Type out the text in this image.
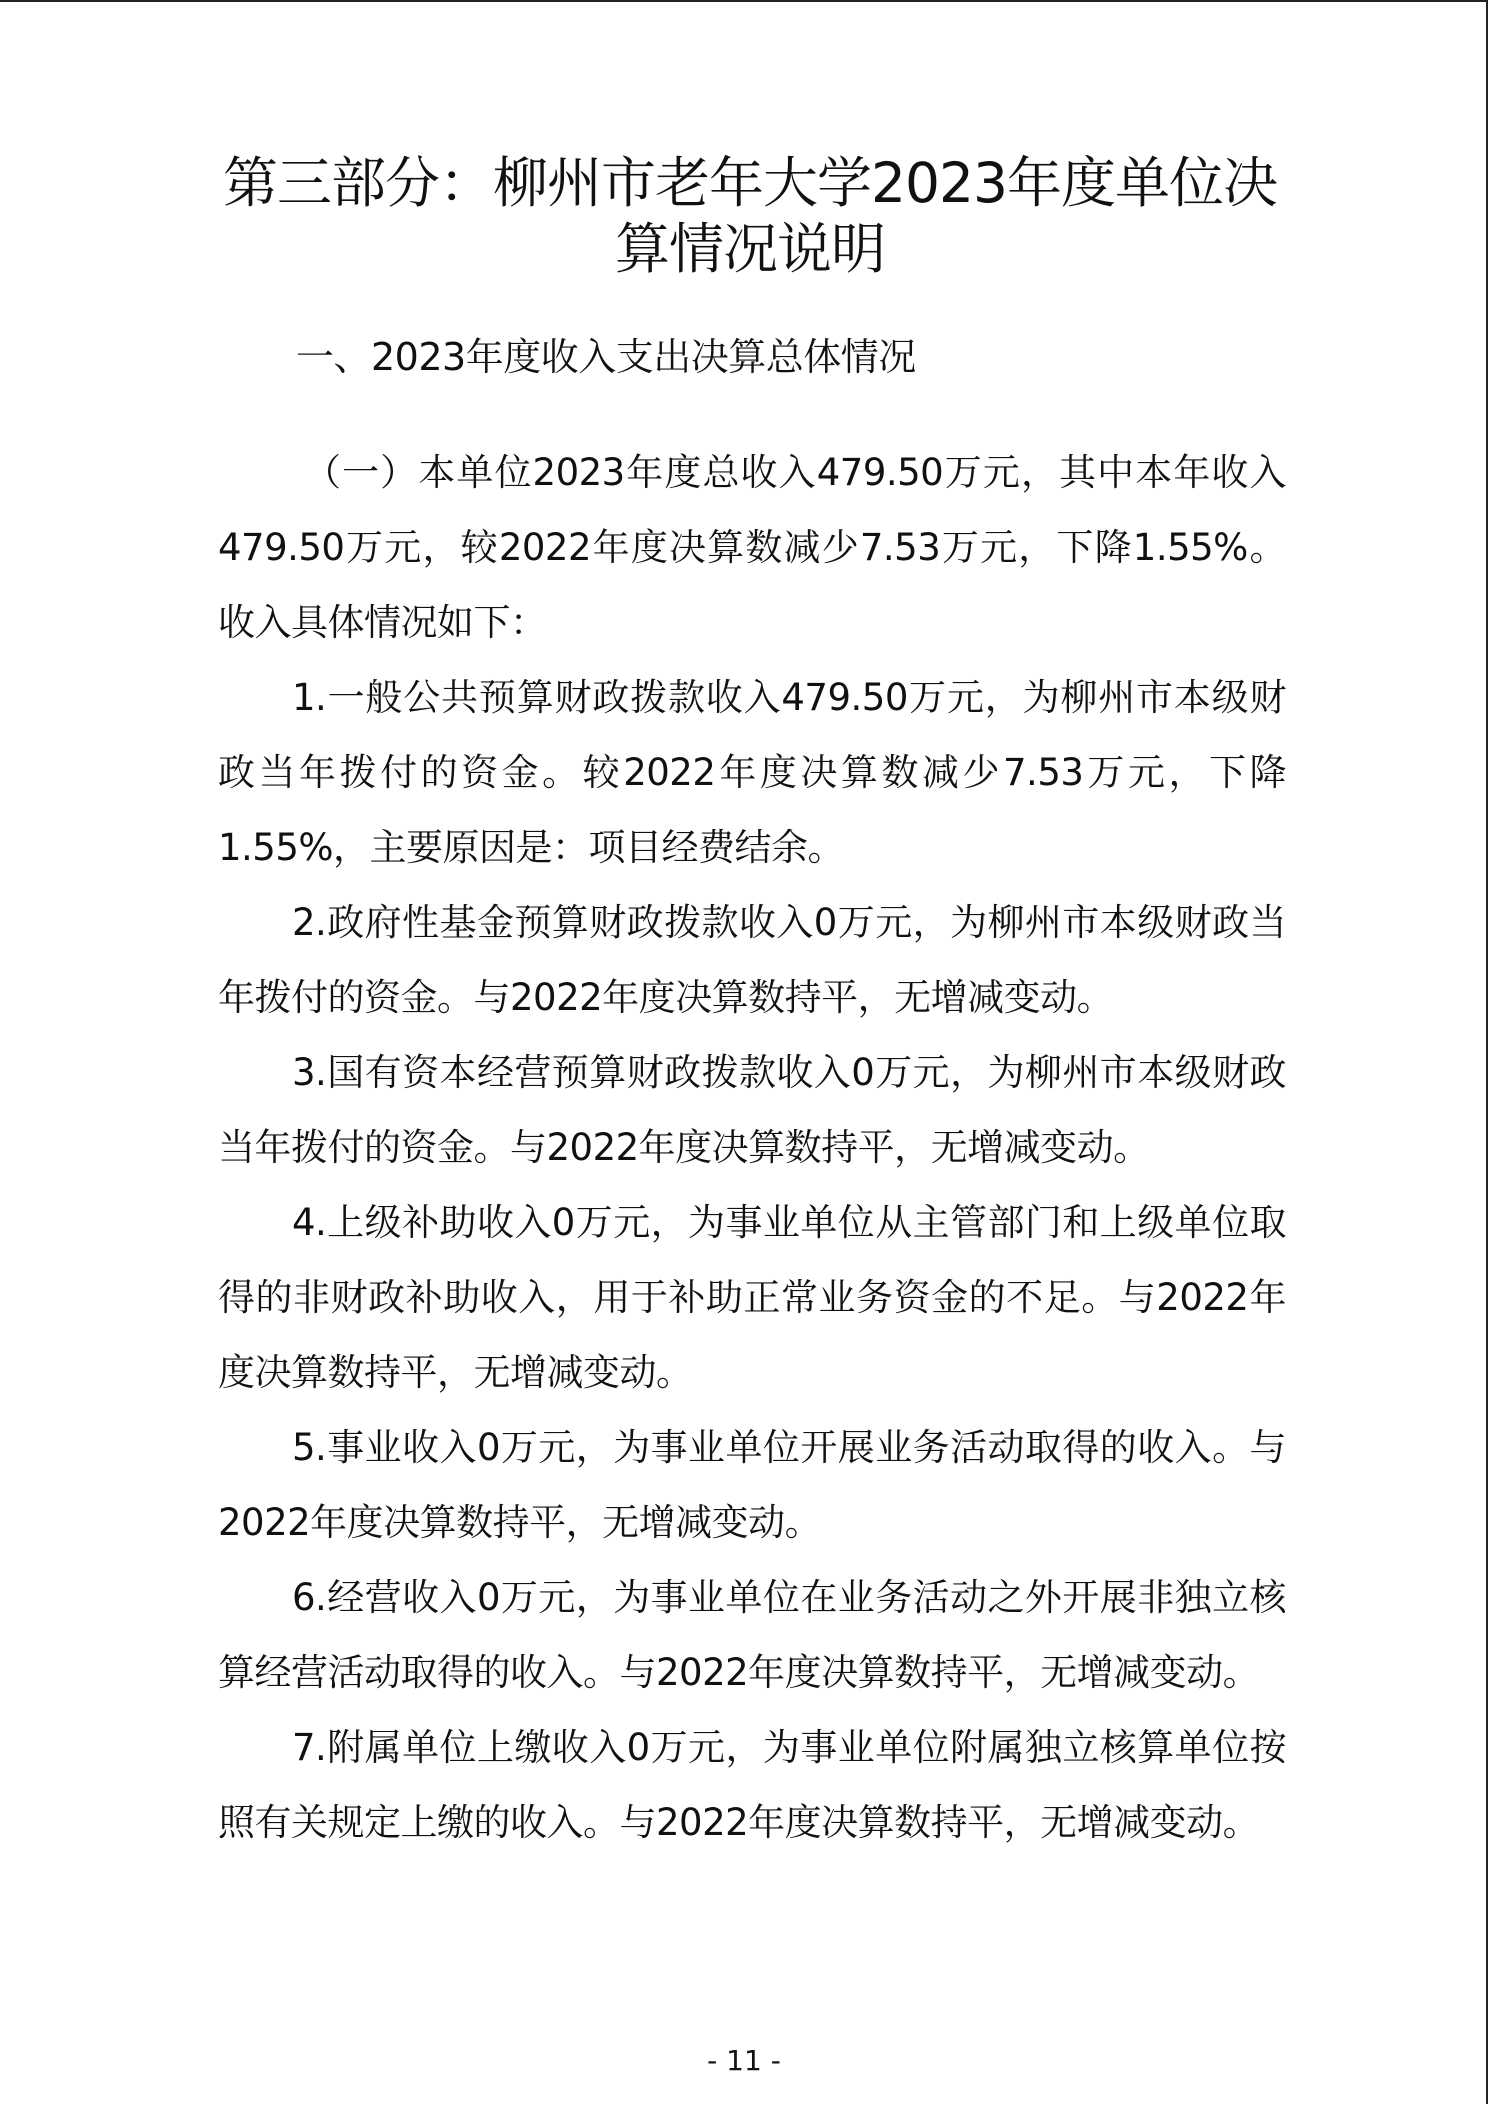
第三部分：柳州市老年大学2023年度单位决
算情况说明
一、2023年度收入支出决算总体情况

（一）本单位2023年度总收入479.50万元，其中本年收入479.50万元，较2022年度决算数减少7.53万元，下降1.55%。收入具体情况如下：

1.一般公共预算财政拨款收入479.50万元，为柳州市本级财政当年拨付的资金。较2022年度决算数减少7.53万元，下降1.55%，主要原因是：项目经费结余。

2.政府性基金预算财政拨款收入0万元，为柳州市本级财政当年拨付的资金。与2022年度决算数持平，无增减变动。

3.国有资本经营预算财政拨款收入0万元，为柳州市本级财政当年拨付的资金。与2022年度决算数持平，无增减变动。

4.上级补助收入0万元，为事业单位从主管部门和上级单位取得的非财政补助收入，用于补助正常业务资金的不足。与2022年度决算数持平，无增减变动。

5.事业收入0万元，为事业单位开展业务活动取得的收入。与2022年度决算数持平，无增减变动。

6.经营收入0万元，为事业单位在业务活动之外开展非独立核算经营活动取得的收入。与2022年度决算数持平，无增减变动。

7.附属单位上缴收入0万元，为事业单位附属独立核算单位按照有关规定上缴的收入。与2022年度决算数持平，无增减变动。

- 11 -
